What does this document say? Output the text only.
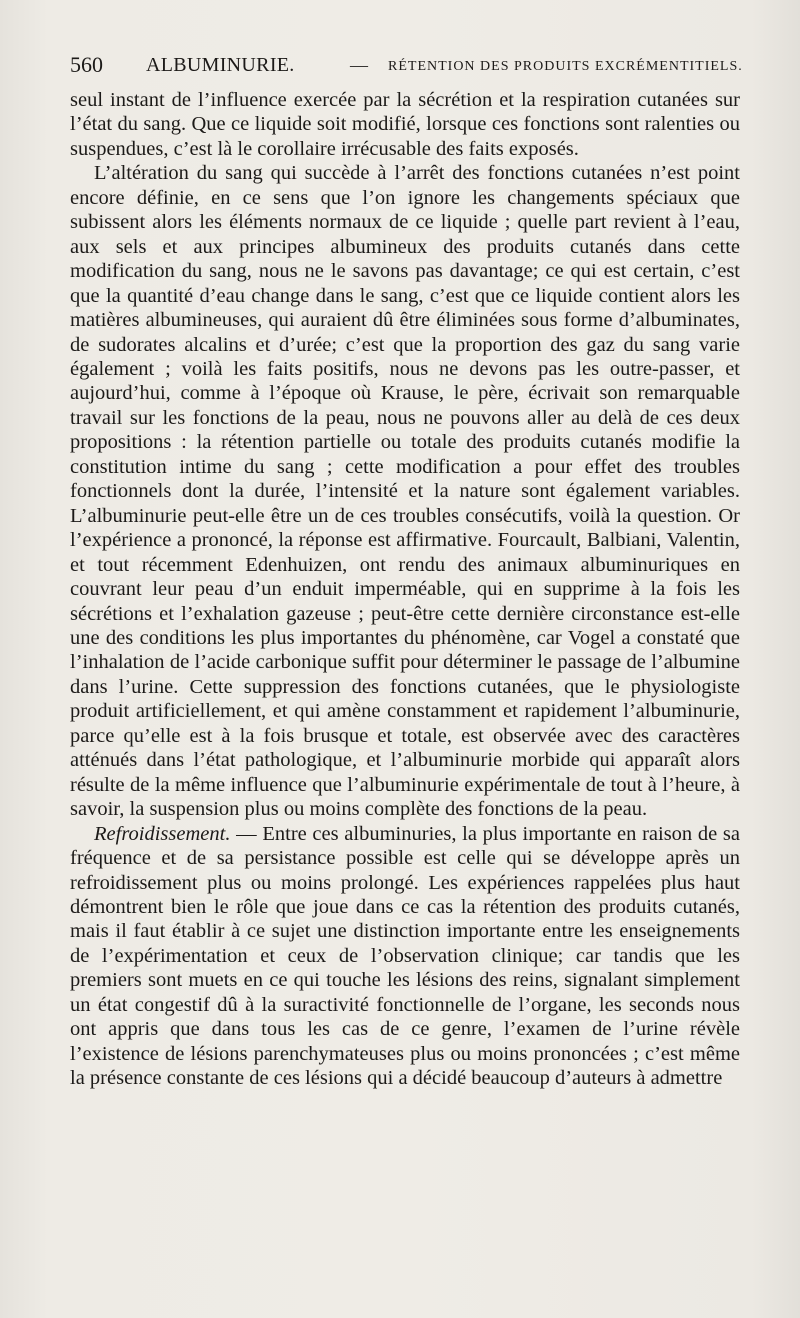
560 ALBUMINURIE.	— RÉTENTION DES PRODUITS EXCRÉMENTITIELS.

seul instant de l’influence exercée par la sécrétion et la respiration cutanées sur l’état du sang. Que ce liquide soit modifié, lorsque ces fonctions sont ralenties ou suspendues, c’est là le corollaire irrécusable des faits exposés.

L’altération du sang qui succède à l’arrêt des fonctions cutanées n’est point encore définie, en ce sens que l’on ignore les changements spéciaux que subissent alors les éléments normaux de ce liquide ; quelle part revient à l’eau, aux sels et aux principes albumineux des produits cutanés dans cette modification du sang, nous ne le savons pas davantage; ce qui est certain, c’est que la quantité d’eau change dans le sang, c’est que ce liquide contient alors les matières albumineuses, qui auraient dû être éliminées sous forme d’albuminates, de sudorates alcalins et d’urée; c’est que la proportion des gaz du sang varie également ; voilà les faits positifs, nous ne devons pas les outre-passer, et aujourd’hui, comme à l’époque où Krause, le père, écrivait son remarquable travail sur les fonctions de la peau, nous ne pouvons aller au delà de ces deux propositions : la rétention partielle ou totale des produits cutanés modifie la constitution intime du sang ; cette modification a pour effet des troubles fonctionnels dont la durée, l’intensité et la nature sont également variables. L’albuminurie peut-elle être un de ces troubles consécutifs, voilà la question. Or l’expérience a prononcé, la réponse est affirmative. Fourcault, Balbiani, Valentin, et tout récemment Edenhuizen, ont rendu des animaux albuminuriques en couvrant leur peau d’un enduit imperméable, qui en supprime à la fois les sécrétions et l’exhalation gazeuse ; peut-être cette dernière circonstance est-elle une des conditions les plus importantes du phénomène, car Vogel a constaté que l’inhalation de l’acide carbonique suffit pour déterminer le passage de l’albumine dans l’urine. Cette suppression des fonctions cutanées, que le physiologiste produit artificiellement, et qui amène constamment et rapidement l’albuminurie, parce qu’elle est à la fois brusque et totale, est observée avec des caractères atténués dans l’état pathologique, et l’albuminurie morbide qui apparaît alors résulte de la même influence que l’albuminurie expérimentale de tout à l’heure, à savoir, la suspension plus ou moins complète des fonctions de la peau.

Refroidissement. — Entre ces albuminuries, la plus importante en raison de sa fréquence et de sa persistance possible est celle qui se développe après un refroidissement plus ou moins prolongé. Les expériences rappelées plus haut démontrent bien le rôle que joue dans ce cas la rétention des produits cutanés, mais il faut établir à ce sujet une distinction importante entre les enseignements de l’expérimentation et ceux de l’observation clinique; car tandis que les premiers sont muets en ce qui touche les lésions des reins, signalant simplement un état congestif dû à la suractivité fonctionnelle de l’organe, les seconds nous ont appris que dans tous les cas de ce genre, l’examen de l’urine révèle l’existence de lésions parenchymateuses plus ou moins prononcées ; c’est même la présence constante de ces lésions qui a décidé beaucoup d’auteurs à admettre
